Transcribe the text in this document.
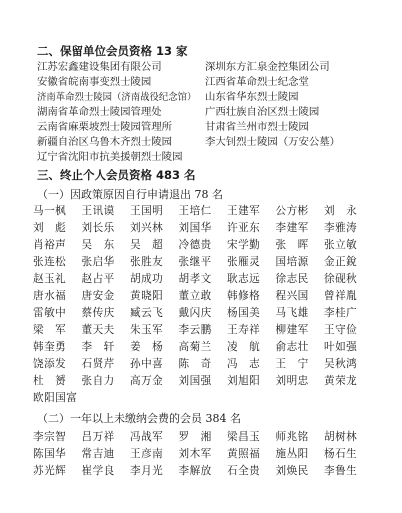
二、保留单位会员资格 13 家
江苏宏鑫建设集团有限公司	深圳东方汇泉金控集团公司
安徽省皖南事变烈士陵园	江西省革命烈士纪念堂
济南革命烈士陵园（济南战役纪念馆） 山东省华东烈士陵园
湖南省革命烈士陵园管理处	广西壮族自治区烈士陵园
云南省麻栗坡烈士陵园管理所	甘肃省兰州市烈士陵园
新疆自治区乌鲁木齐烈士陵园	李大钊烈士陵园（万安公墓）
辽宁省沈阳市抗美援朝烈士陵园
三、终止个人会员资格 483 名
（一）因政策原因自行申请退出 78 名
马一枫	王讯谟	王国明	王培仁	王建军	公方彬	刘　永
刘　彪	刘长乐	刘兴林	刘国华	许亚东	李建军	李雅涛
肖裕声	吴　东	吴　超	冷德贵	宋学勤	张　晖	张立敏
张连松	张启华	张胜友	张继平	张雁灵	国培源	金正銳
赵玉礼	赵占平	胡成功	胡孝文	耿志远	徐志民	徐砚秋
唐水福	唐安金	黄晓阳	董立敢	韩修格	程兴国	曾祥胤
雷敏中	蔡传庆	臧云飞	戴闪庆	杨国美	马飞雄	李桂广
梁　军	董天夫	朱玉军	李云鹏	王寿祥	柳建军	王守俭
韩奎勇	李　轩	姜　杨	高菊兰	凌　航	俞志壮	叶如强
饶添发	石贤芹	孙中喜	陈　奇	冯　志	王　宁	吴秋鸿
杜　赟	张自力	高万金	刘国强	刘旭阳	刘明忠	黄荣龙
欧阳国富
（二）一年以上未缴纳会费的会员 384 名
李宗智	吕万祥	冯战军	罗　湘	梁昌玉	师兆铭	胡树林
陈国华	常吉迪	王彦南	刘木军	黄照福	施丛阳	杨石生
苏光辉	崔学良	李月光	李解放	石全贵	刘焕民	李鲁生
